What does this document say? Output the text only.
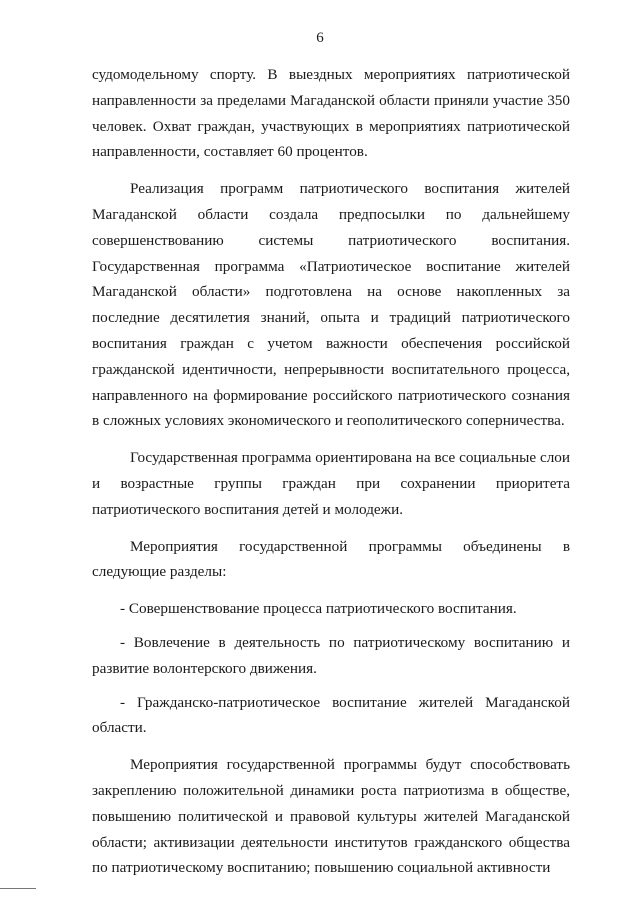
6

судомодельному спорту. В выездных мероприятиях патриотической направленности за пределами Магаданской области приняли участие 350 человек. Охват граждан, участвующих в мероприятиях патриотической направленности, составляет 60 процентов.

Реализация программ патриотического воспитания жителей Магаданской области создала предпосылки по дальнейшему совершенствованию системы патриотического воспитания. Государственная программа «Патриотическое воспитание жителей Магаданской области» подготовлена на основе накопленных за последние десятилетия знаний, опыта и традиций патриотического воспитания граждан с учетом важности обеспечения российской гражданской идентичности, непрерывности воспитательного процесса, направленного на формирование российского патриотического сознания в сложных условиях экономического и геополитического соперничества.

Государственная программа ориентирована на все социальные слои и возрастные группы граждан при сохранении приоритета патриотического воспитания детей и молодежи.

Мероприятия государственной программы объединены в следующие разделы:

- Совершенствование процесса патриотического воспитания.

- Вовлечение в деятельность по патриотическому воспитанию и развитие волонтерского движения.

- Гражданско-патриотическое воспитание жителей Магаданской области.

Мероприятия государственной программы будут способствовать закреплению положительной динамики роста патриотизма в обществе, повышению политической и правовой культуры жителей Магаданской области; активизации деятельности институтов гражданского общества по патриотическому воспитанию; повышению социальной активности
